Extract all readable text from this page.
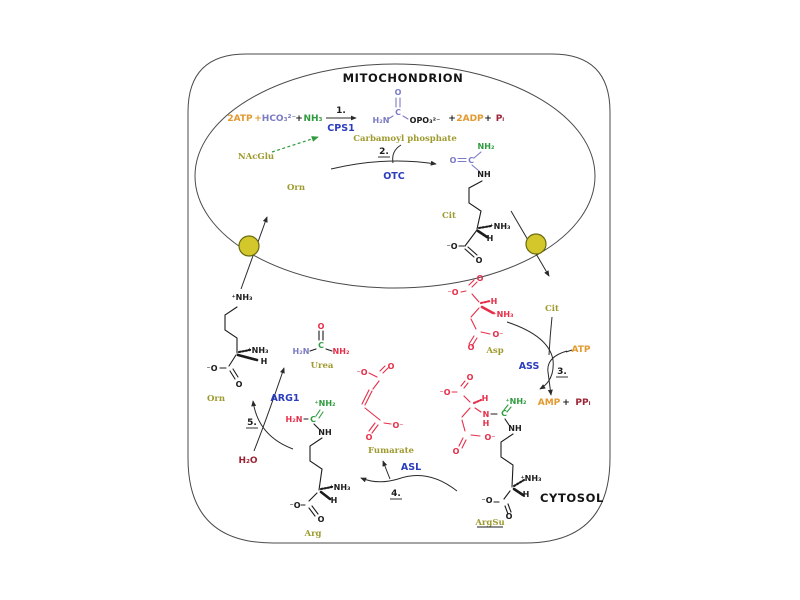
MITOCHONDRION
CYTOSOL
2ATP + HCO₃²⁻ + NH₃
1.
CPS1
+ 2ADP + Pᵢ
O
C
H₂N	OPO₃²⁻
Carbamoyl phosphate
NAcGlu	2.
OTC
Orn
NH₂
O C
NH
⁺NH₃
H
⁻O
O
Cit
⁺NH₃
⁺NH₃
H
⁻O
O
Orn
O
C
H₂N	NH₂
Urea
O
⁻O
H
⁺NH₃
O⁻
O Asp
Cit
ATP
ASS 3.
AMP + PPᵢ
O
⁻O
H
N
H
O⁻
O
C
⁺NH₂
NH
⁺NH₃
H
⁻O
O
ArgSu
ASL
4.
⁻O
O
O
O⁻
Fumarate
⁺NH₂
H₂N C
NH
⁺NH₃
H
⁻O
O
Arg
ARG1
5.
H₂O
